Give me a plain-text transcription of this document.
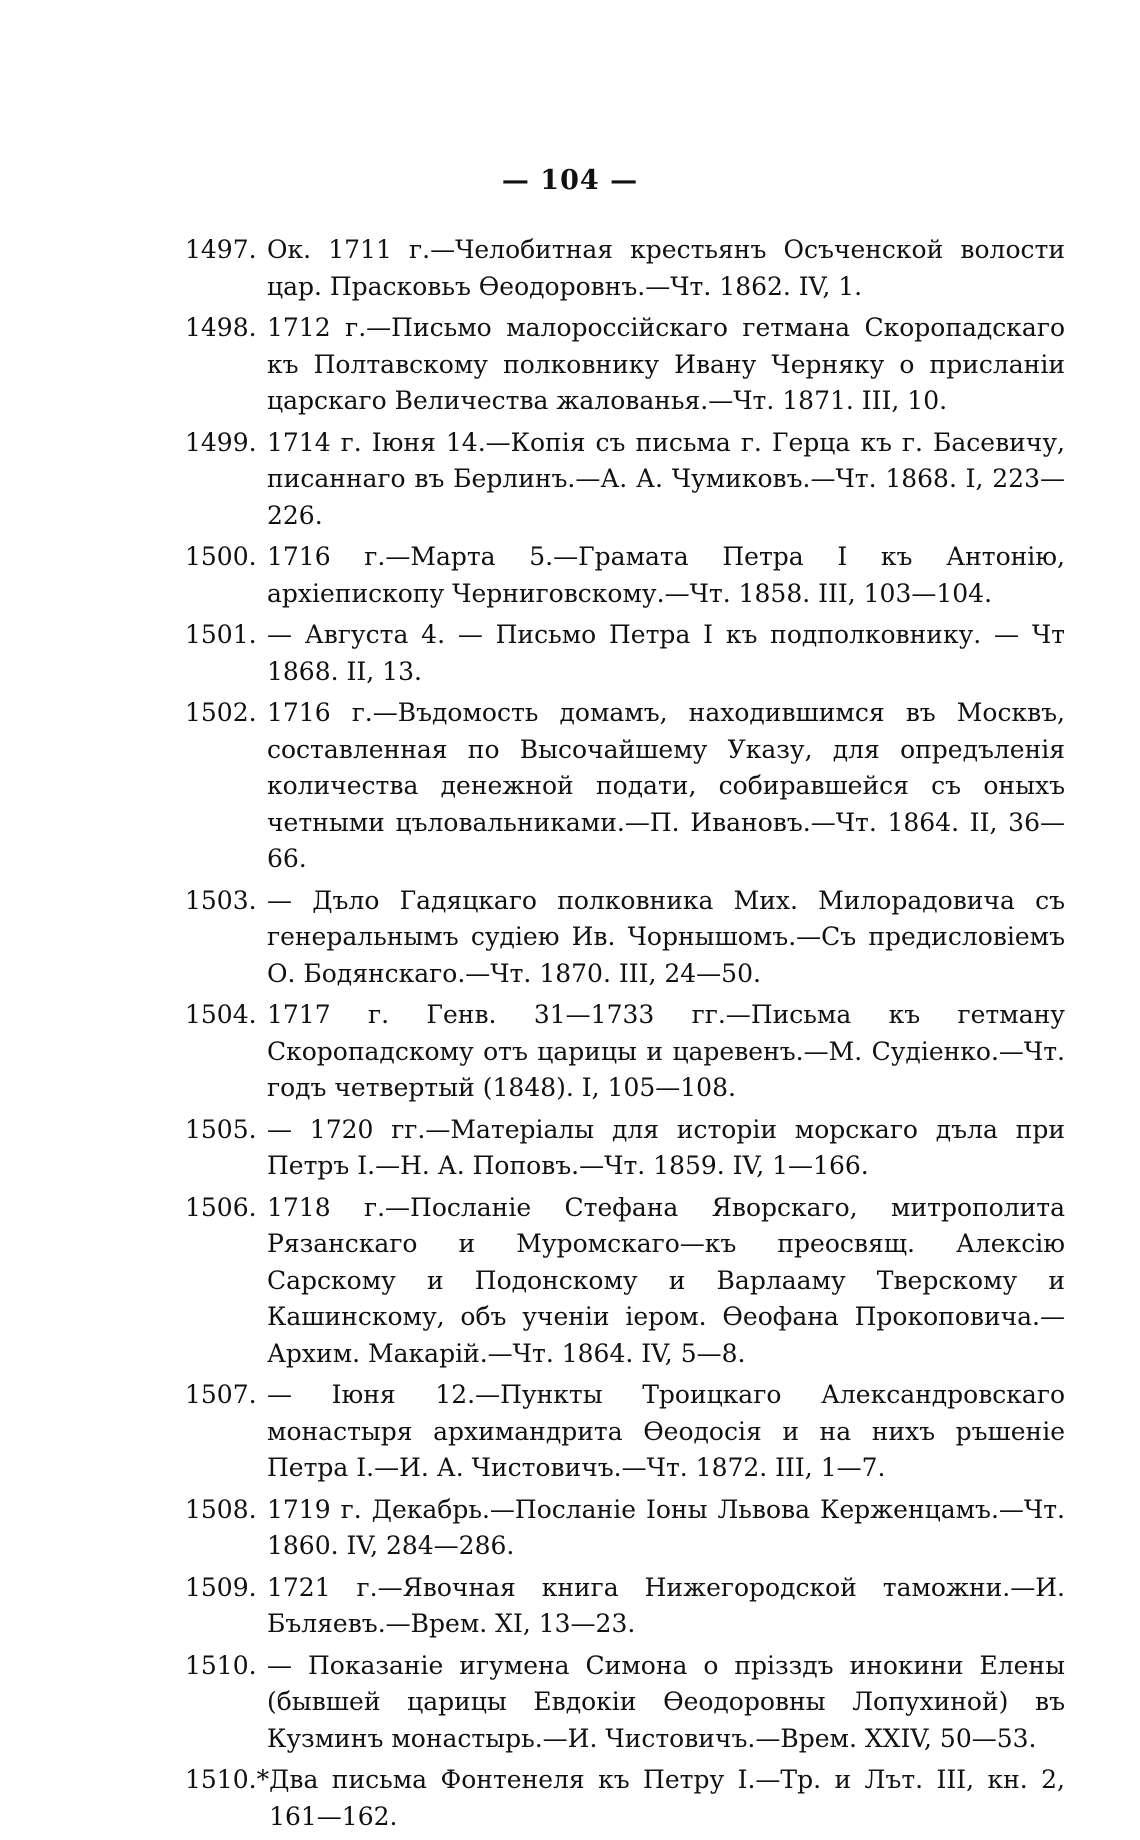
— 104 —
1497. Ок. 1711 г.—Челобитная крестьянъ Осъченской волости цар. Прасковьъ Өеодоровнъ.—Чт. 1862. IV, 1.
1498. 1712 г.—Письмо малороссійскаго гетмана Скоропадскаго къ Полтавскому полковнику Ивану Черняку о присланіи царскаго Величества жалованья.—Чт. 1871. III, 10.
1499. 1714 г. Іюня 14.—Копія съ письма г. Герца къ г. Басевичу, писаннаго въ Берлинъ.—А. А. Чумиковъ.—Чт. 1868. I, 223—226.
1500. 1716 г.—Марта 5.—Грамата Петра I къ Антонію, архіепископу Черниговскому.—Чт. 1858. III, 103—104.
1501. — Августа 4. — Письмо Петра I къ подполковнику. — Чт 1868. II, 13.
1502. 1716 г.—Въдомость домамъ, находившимся въ Москвъ, составленная по Высочайшему Указу, для опредъленія количества денежной подати, собиравшейся съ оныхъ четными цъловальниками.—П. Ивановъ.—Чт. 1864. II, 36—66.
1503. — Дъло Гадяцкаго полковника Мих. Милорадовича съ генеральнымъ судіею Ив. Чорнышомъ.—Съ предисловіемъ О. Бодянскаго.—Чт. 1870. III, 24—50.
1504. 1717 г. Генв. 31—1733 гг.—Письма къ гетману Скоропадскому отъ царицы и царевенъ.—М. Судіенко.—Чт. годъ четвертый (1848). I, 105—108.
1505. — 1720 гг.—Матеріалы для исторіи морскаго дъла при Петръ I.—Н. А. Поповъ.—Чт. 1859. IV, 1—166.
1506. 1718 г.—Посланіе Стефана Яворскаго, митрополита Рязанскаго и Муромскаго—къ преосвящ. Алексію Сарскому и Подонскому и Варлааму Тверскому и Кашинскому, объ ученіи іером. Өеофана Прокоповича.—Архим. Макарій.—Чт. 1864. IV, 5—8.
1507. — Іюня 12.—Пункты Троицкаго Александровскаго монастыря архимандрита Өеодосія и на нихъ ръшеніе Петра I.—И. А. Чистовичъ.—Чт. 1872. III, 1—7.
1508. 1719 г. Декабрь.—Посланіе Іоны Львова Керженцамъ.—Чт. 1860. IV, 284—286.
1509. 1721 г.—Явочная книга Нижегородской таможни.—И. Бъляевъ.—Врем. XI, 13—23.
1510. — Показаніе игумена Симона о прізздъ инокини Елены (бывшей царицы Евдокіи Өеодоровны Лопухиной) въ Кузминъ монастырь.—И. Чистовичъ.—Врем. XXIV, 50—53.
1510.* Два письма Фонтенеля къ Петру I.—Тр. и Лът. III, кн. 2, 161—162.
